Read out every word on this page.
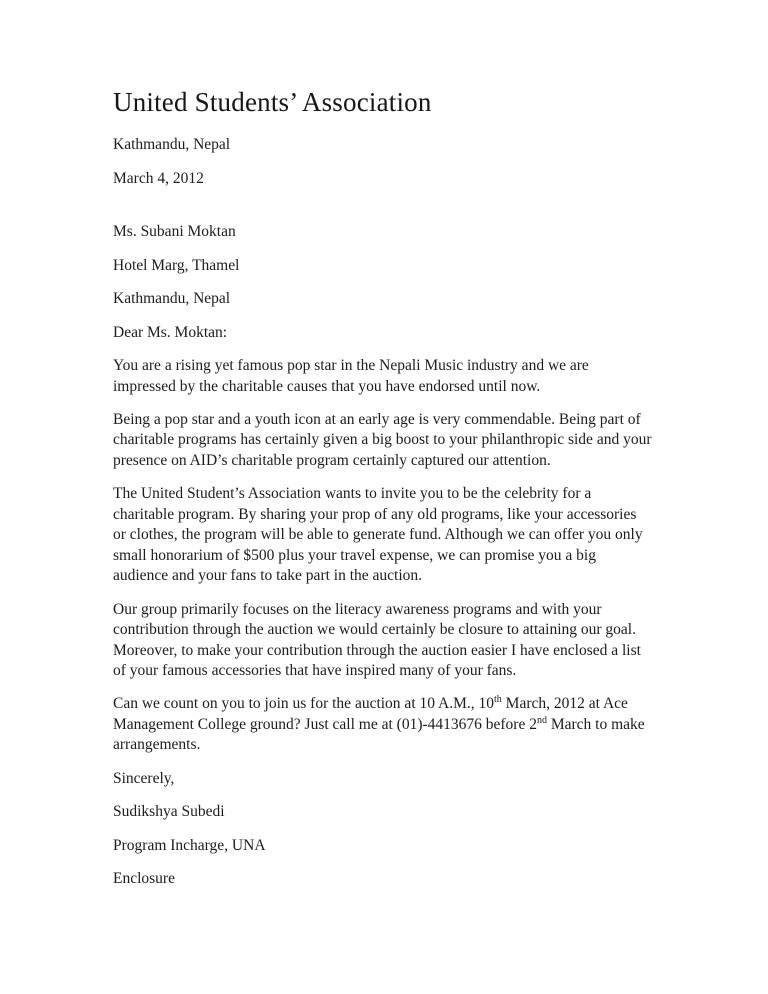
United Students’ Association

Kathmandu, Nepal

March 4, 2012

Ms. Subani Moktan

Hotel Marg, Thamel

Kathmandu, Nepal

Dear Ms. Moktan:

You are a rising yet famous pop star in the Nepali Music industry and we are impressed by the charitable causes that you have endorsed until now.

Being a pop star and a youth icon at an early age is very commendable. Being part of charitable programs has certainly given a big boost to your philanthropic side and your presence on AID’s charitable program certainly captured our attention.

The United Student’s Association wants to invite you to be the celebrity for a charitable program. By sharing your prop of any old programs, like your accessories or clothes, the program will be able to generate fund. Although we can offer you only small honorarium of $500 plus your travel expense, we can promise you a big audience and your fans to take part in the auction.

Our group primarily focuses on the literacy awareness programs and with your contribution through the auction we would certainly be closure to attaining our goal. Moreover, to make your contribution through the auction easier I have enclosed a list of your famous accessories that have inspired many of your fans.

Can we count on you to join us for the auction at 10 A.M., 10th March, 2012 at Ace Management College ground? Just call me at (01)-4413676 before 2nd March to make arrangements.

Sincerely,

Sudikshya Subedi

Program Incharge, UNA

Enclosure
